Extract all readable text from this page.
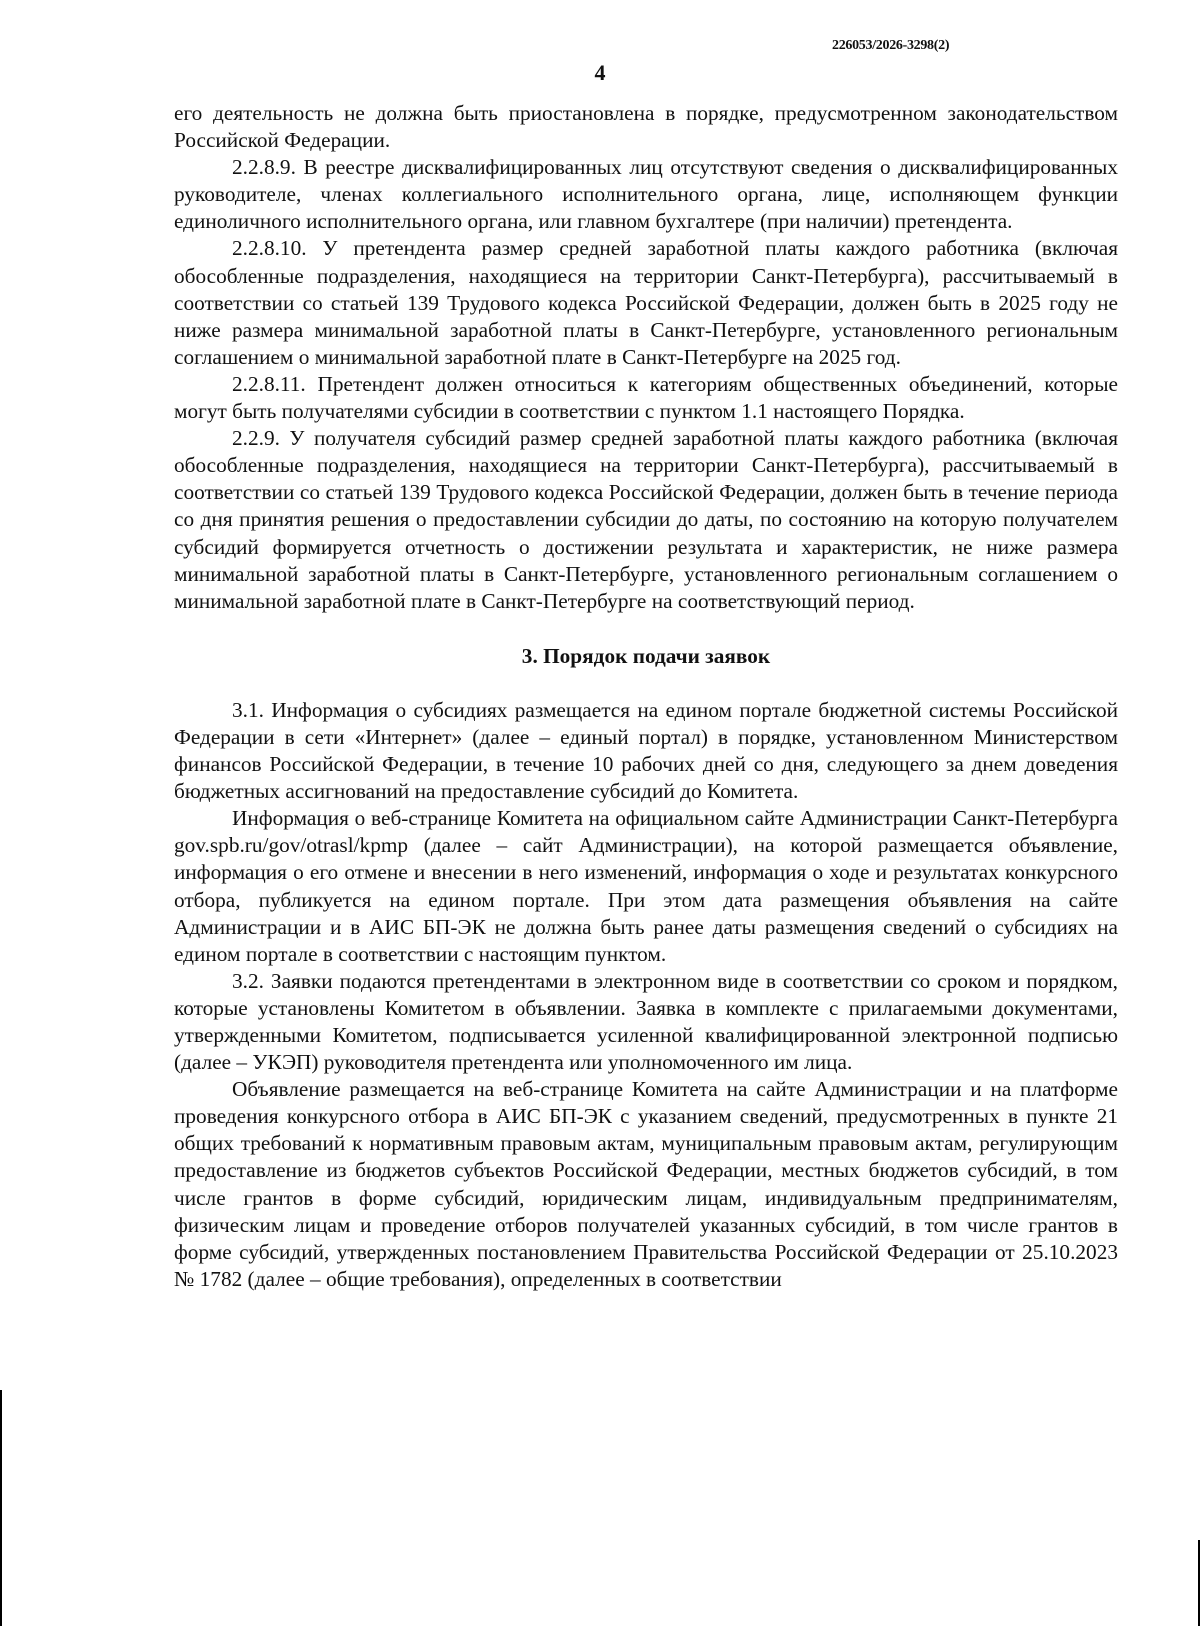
226053/2026-3298(2)
4

его деятельность не должна быть приостановлена в порядке, предусмотренном законодательством Российской Федерации.

2.2.8.9. В реестре дисквалифицированных лиц отсутствуют сведения о дисквалифицированных руководителе, членах коллегиального исполнительного органа, лице, исполняющем функции единоличного исполнительного органа, или главном бухгалтере (при наличии) претендента.

2.2.8.10. У претендента размер средней заработной платы каждого работника (включая обособленные подразделения, находящиеся на территории Санкт-Петербурга), рассчитываемый в соответствии со статьей 139 Трудового кодекса Российской Федерации, должен быть в 2025 году не ниже размера минимальной заработной платы в Санкт-Петербурге, установленного региональным соглашением о минимальной заработной плате в Санкт-Петербурге на 2025 год.

2.2.8.11. Претендент должен относиться к категориям общественных объединений, которые могут быть получателями субсидии в соответствии с пунктом 1.1 настоящего Порядка.

2.2.9. У получателя субсидий размер средней заработной платы каждого работника (включая обособленные подразделения, находящиеся на территории Санкт-Петербурга), рассчитываемый в соответствии со статьей 139 Трудового кодекса Российской Федерации, должен быть в течение периода со дня принятия решения о предоставлении субсидии до даты, по состоянию на которую получателем субсидий формируется отчетность о достижении результата и характеристик, не ниже размера минимальной заработной платы в Санкт-Петербурге, установленного региональным соглашением о минимальной заработной плате в Санкт-Петербурге на соответствующий период.

3. Порядок подачи заявок

3.1. Информация о субсидиях размещается на едином портале бюджетной системы Российской Федерации в сети «Интернет» (далее – единый портал) в порядке, установленном Министерством финансов Российской Федерации, в течение 10 рабочих дней со дня, следующего за днем доведения бюджетных ассигнований на предоставление субсидий до Комитета.

Информация о веб-странице Комитета на официальном сайте Администрации Санкт-Петербурга gov.spb.ru/gov/otrasl/kpmp (далее – сайт Администрации), на которой размещается объявление, информация о его отмене и внесении в него изменений, информация о ходе и результатах конкурсного отбора, публикуется на едином портале. При этом дата размещения объявления на сайте Администрации и в АИС БП-ЭК не должна быть ранее даты размещения сведений о субсидиях на едином портале в соответствии с настоящим пунктом.

3.2. Заявки подаются претендентами в электронном виде в соответствии со сроком и порядком, которые установлены Комитетом в объявлении. Заявка в комплекте с прилагаемыми документами, утвержденными Комитетом, подписывается усиленной квалифицированной электронной подписью (далее – УКЭП) руководителя претендента или уполномоченного им лица.

Объявление размещается на веб-странице Комитета на сайте Администрации и на платформе проведения конкурсного отбора в АИС БП-ЭК с указанием сведений, предусмотренных в пункте 21 общих требований к нормативным правовым актам, муниципальным правовым актам, регулирующим предоставление из бюджетов субъектов Российской Федерации, местных бюджетов субсидий, в том числе грантов в форме субсидий, юридическим лицам, индивидуальным предпринимателям, физическим лицам и проведение отборов получателей указанных субсидий, в том числе грантов в форме субсидий, утвержденных постановлением Правительства Российской Федерации от 25.10.2023 № 1782 (далее – общие требования), определенных в соответствии
